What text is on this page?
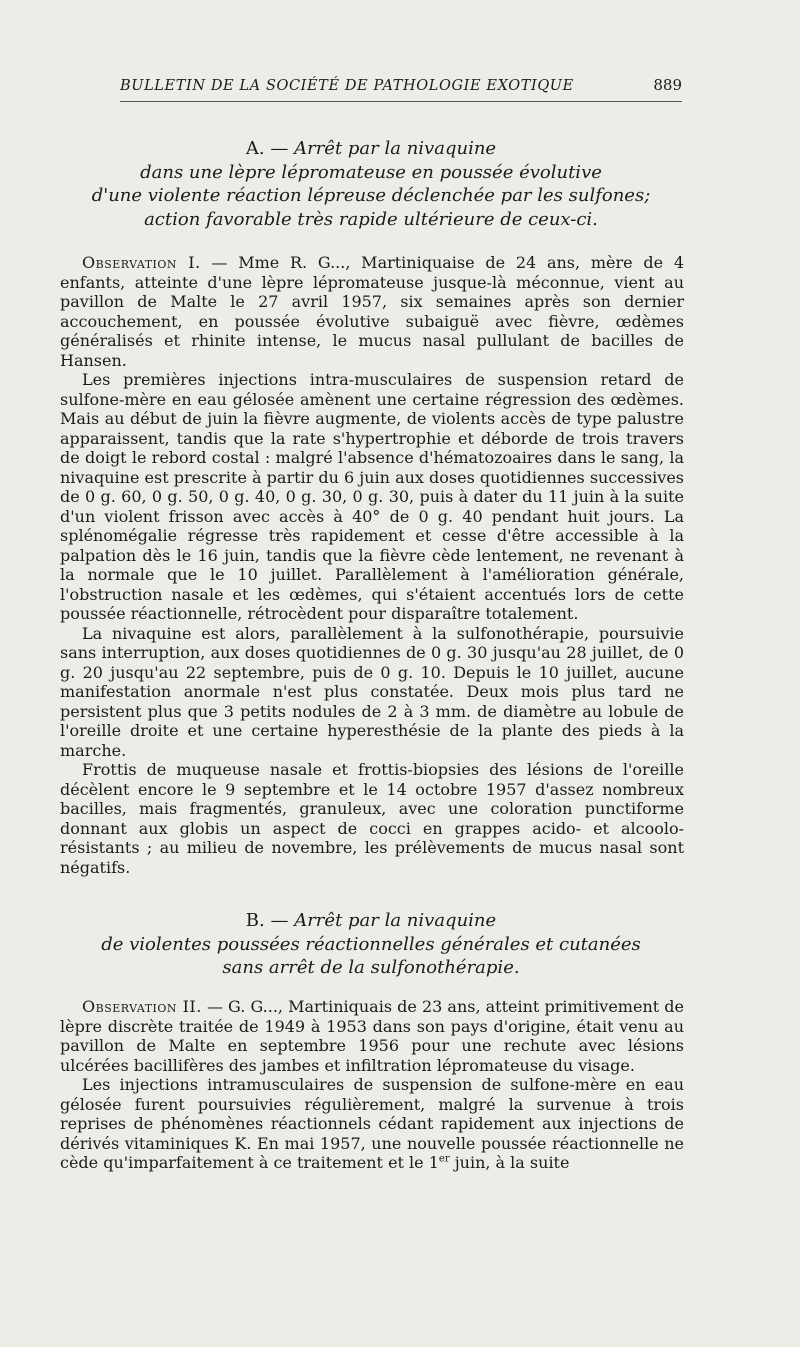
BULLETIN DE LA SOCIÉTÉ DE PATHOLOGIE EXOTIQUE	889
A. — Arrêt par la nivaquine
dans une lèpre lépromateuse en poussée évolutive
d'une violente réaction lépreuse déclenchée par les sulfones;
action favorable très rapide ultérieure de ceux-ci.

Observation I. — Mme R. G..., Martiniquaise de 24 ans, mère de 4 enfants, atteinte d'une lèpre lépromateuse jusque-là méconnue, vient au pavillon de Malte le 27 avril 1957, six semaines après son dernier accouchement, en poussée évolutive subaiguë avec fièvre, œdèmes généralisés et rhinite intense, le mucus nasal pullulant de bacilles de Hansen.

Les premières injections intra-musculaires de suspension retard de sulfone-mère en eau gélosée amènent une certaine régression des œdèmes. Mais au début de juin la fièvre augmente, de violents accès de type palustre apparaissent, tandis que la rate s'hypertrophie et déborde de trois travers de doigt le rebord costal : malgré l'absence d'hématozoaires dans le sang, la nivaquine est prescrite à partir du 6 juin aux doses quotidiennes successives de 0 g. 60, 0 g. 50, 0 g. 40, 0 g. 30, 0 g. 30, puis à dater du 11 juin à la suite d'un violent frisson avec accès à 40° de 0 g. 40 pendant huit jours. La splénomégalie régresse très rapidement et cesse d'être accessible à la palpation dès le 16 juin, tandis que la fièvre cède lentement, ne revenant à la normale que le 10 juillet. Parallèlement à l'amélioration générale, l'obstruction nasale et les œdèmes, qui s'étaient accentués lors de cette poussée réactionnelle, rétrocèdent pour disparaître totalement.

La nivaquine est alors, parallèlement à la sulfonothérapie, poursuivie sans interruption, aux doses quotidiennes de 0 g. 30 jusqu'au 28 juillet, de 0 g. 20 jusqu'au 22 septembre, puis de 0 g. 10. Depuis le 10 juillet, aucune manifestation anormale n'est plus constatée. Deux mois plus tard ne persistent plus que 3 petits nodules de 2 à 3 mm. de diamètre au lobule de l'oreille droite et une certaine hyperesthésie de la plante des pieds à la marche.

Frottis de muqueuse nasale et frottis-biopsies des lésions de l'oreille décèlent encore le 9 septembre et le 14 octobre 1957 d'assez nombreux bacilles, mais fragmentés, granuleux, avec une coloration punctiforme donnant aux globis un aspect de cocci en grappes acido- et alcoolo-résistants ; au milieu de novembre, les prélèvements de mucus nasal sont négatifs.

B. — Arrêt par la nivaquine
de violentes poussées réactionnelles générales et cutanées
sans arrêt de la sulfonothérapie.

Observation II. — G. G..., Martiniquais de 23 ans, atteint primitivement de lèpre discrète traitée de 1949 à 1953 dans son pays d'origine, était venu au pavillon de Malte en septembre 1956 pour une rechute avec lésions ulcérées bacillifères des jambes et infiltration lépromateuse du visage.

Les injections intramusculaires de suspension de sulfone-mère en eau gélosée furent poursuivies régulièrement, malgré la survenue à trois reprises de phénomènes réactionnels cédant rapidement aux injections de dérivés vitaminiques K. En mai 1957, une nouvelle poussée réactionnelle ne cède qu'imparfaitement à ce traitement et le 1er juin, à la suite
